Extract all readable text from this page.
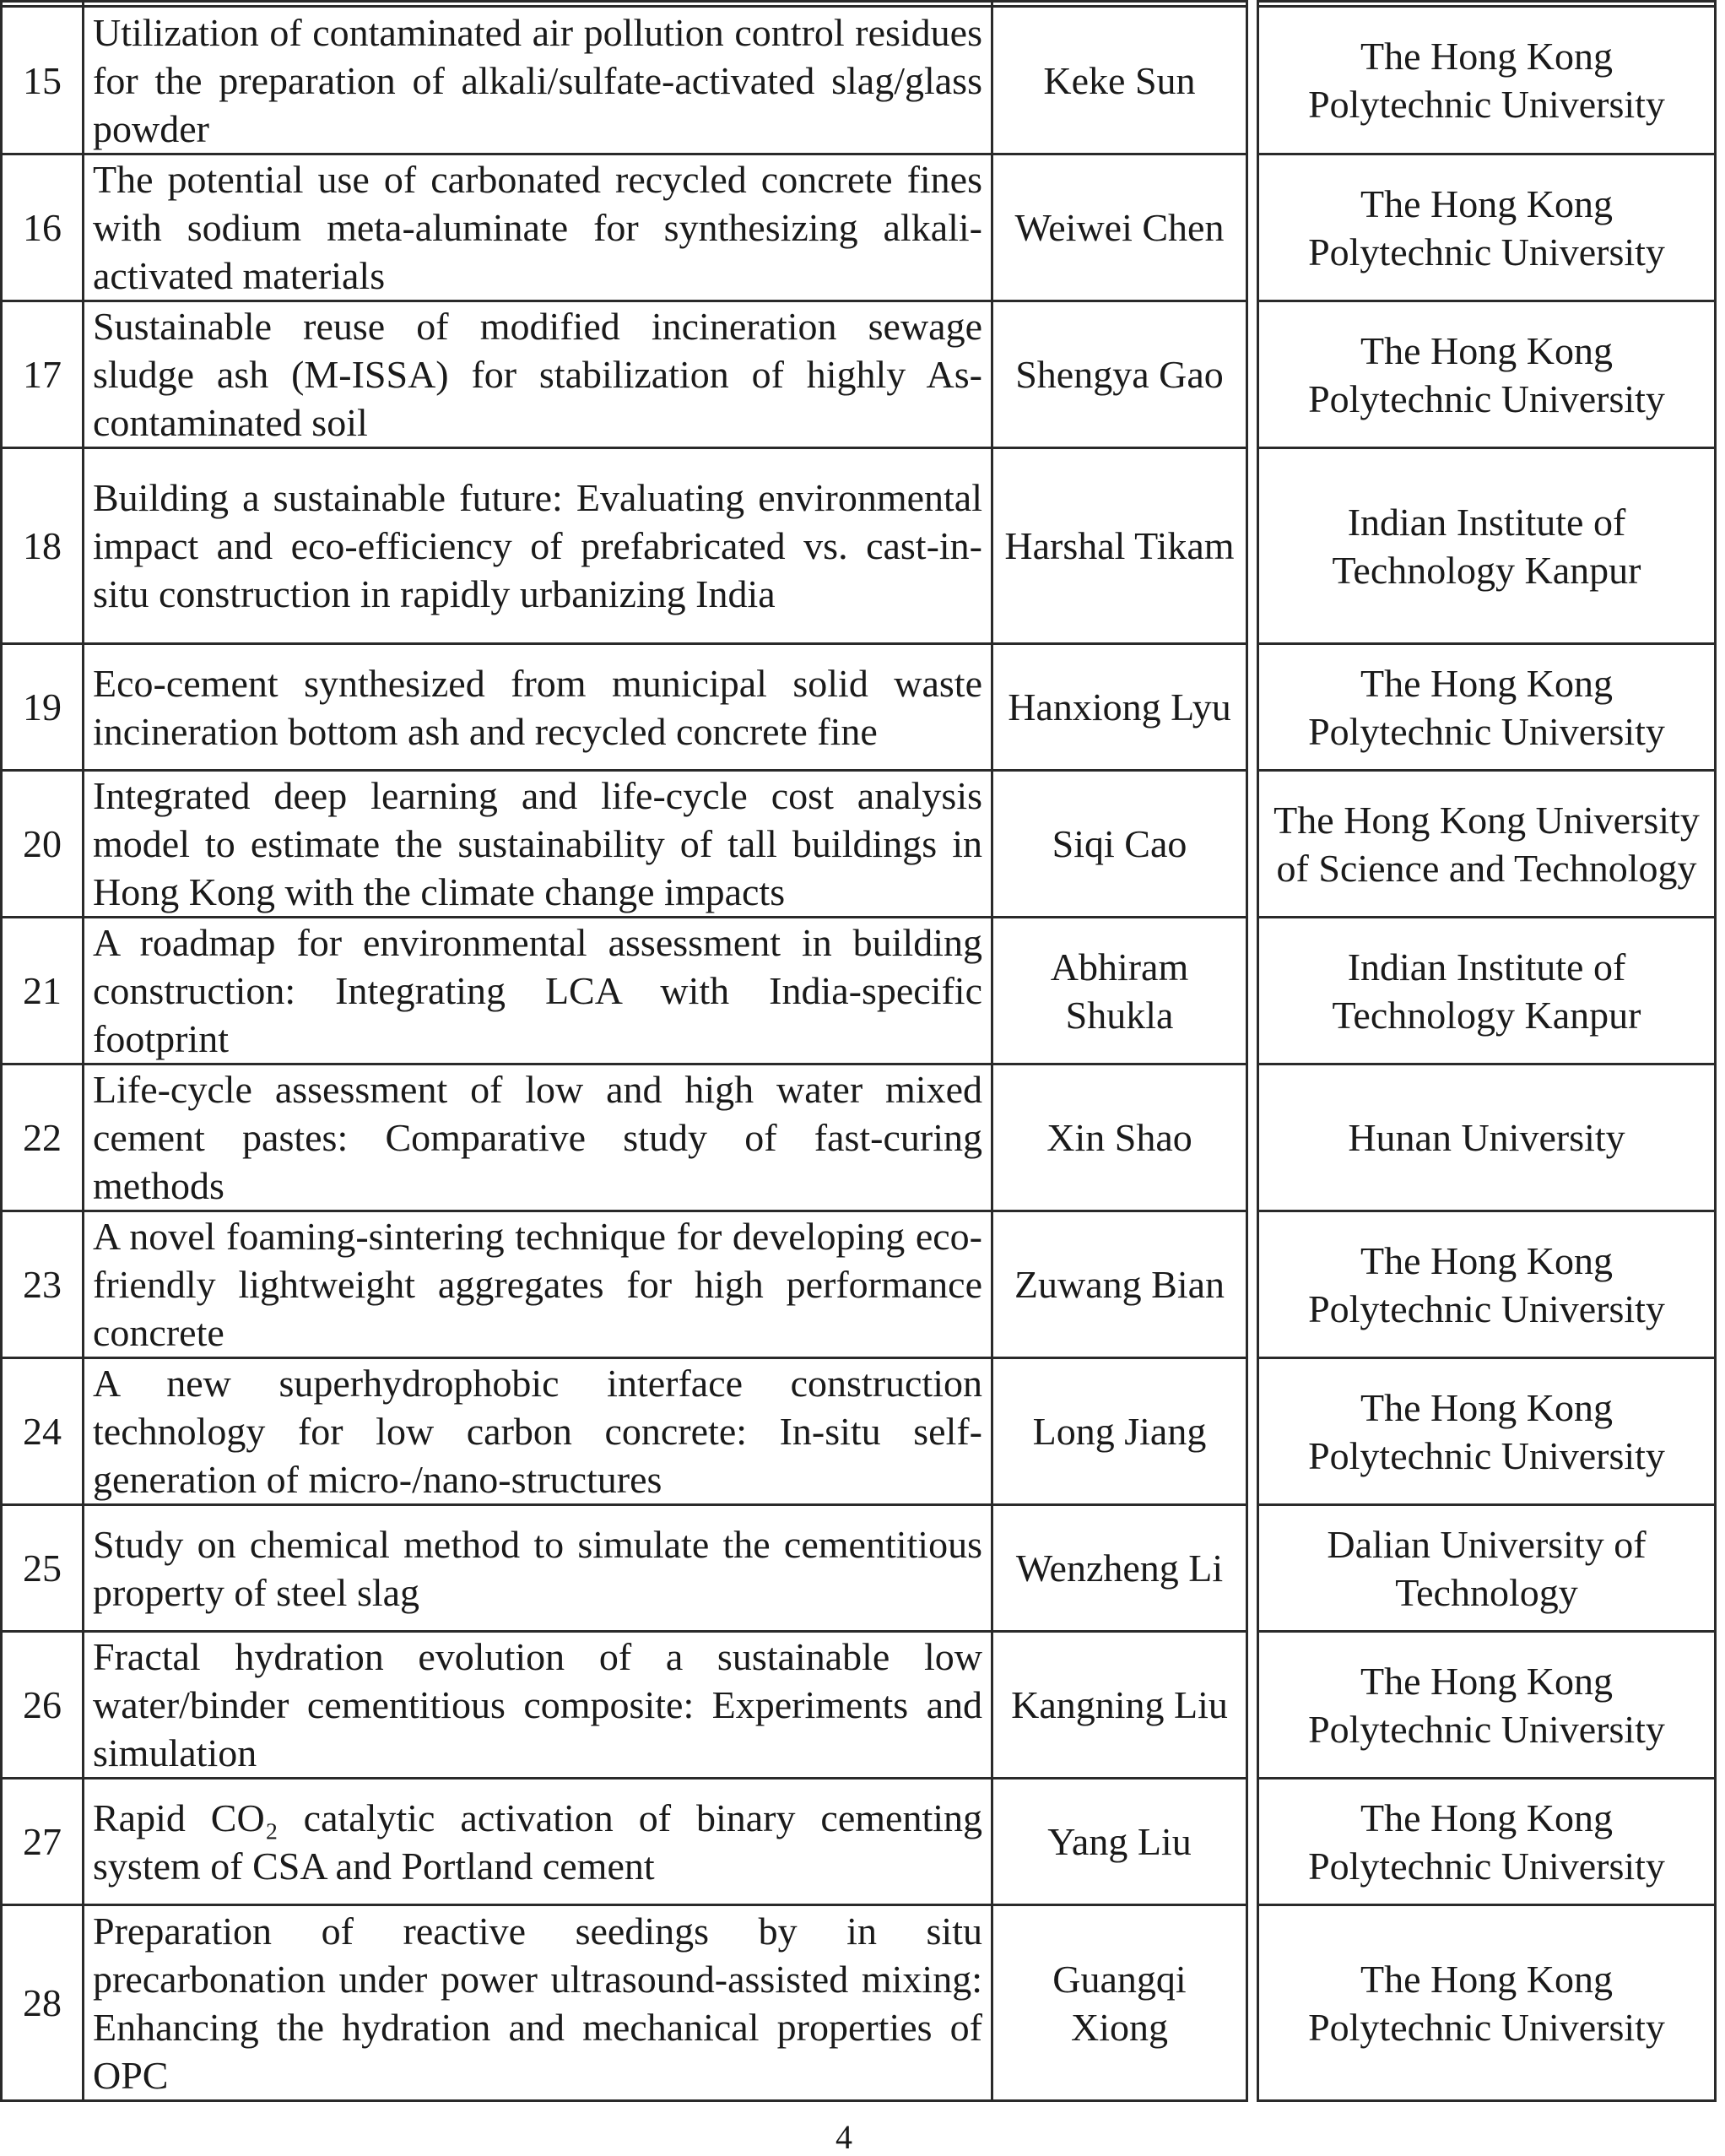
15	Utilization of contaminated air pollution control residues for the preparation of alkali/sulfate-activated slag/glass powder	Keke Sun		The Hong Kong Polytechnic University
16	The potential use of carbonated recycled concrete fines with sodium meta-aluminate for synthesizing alkali-activated materials	Weiwei Chen		The Hong Kong Polytechnic University
17	Sustainable reuse of modified incineration sewage sludge ash (M-ISSA) for stabilization of highly As-contaminated soil	Shengya Gao		The Hong Kong Polytechnic University
18	Building a sustainable future: Evaluating environmental impact and eco-efficiency of prefabricated vs. cast-in-situ construction in rapidly urbanizing India	Harshal Tikam		Indian Institute of Technology Kanpur
19	Eco-cement synthesized from municipal solid waste incineration bottom ash and recycled concrete fine	Hanxiong Lyu		The Hong Kong Polytechnic University
20	Integrated deep learning and life-cycle cost analysis model to estimate the sustainability of tall buildings in Hong Kong with the climate change impacts	Siqi Cao		The Hong Kong University of Science and Technology
21	A roadmap for environmental assessment in building construction: Integrating LCA with India-specific footprint	Abhiram Shukla		Indian Institute of Technology Kanpur
22	Life-cycle assessment of low and high water mixed cement pastes: Comparative study of fast-curing methods	Xin Shao		Hunan University
23	A novel foaming-sintering technique for developing eco-friendly lightweight aggregates for high performance concrete	Zuwang Bian		The Hong Kong Polytechnic University
24	A new superhydrophobic interface construction technology for low carbon concrete: In-situ self-generation of micro-/nano-structures	Long Jiang		The Hong Kong Polytechnic University
25	Study on chemical method to simulate the cementitious property of steel slag	Wenzheng Li		Dalian University of Technology
26	Fractal hydration evolution of a sustainable low water/binder cementitious composite: Experiments and simulation	Kangning Liu		The Hong Kong Polytechnic University
27	Rapid CO₂ catalytic activation of binary cementing system of CSA and Portland cement	Yang Liu		The Hong Kong Polytechnic University
28	Preparation of reactive seedings by in situ precarbonation under power ultrasound-assisted mixing: Enhancing the hydration and mechanical properties of OPC	Guangqi Xiong		The Hong Kong Polytechnic University
4
